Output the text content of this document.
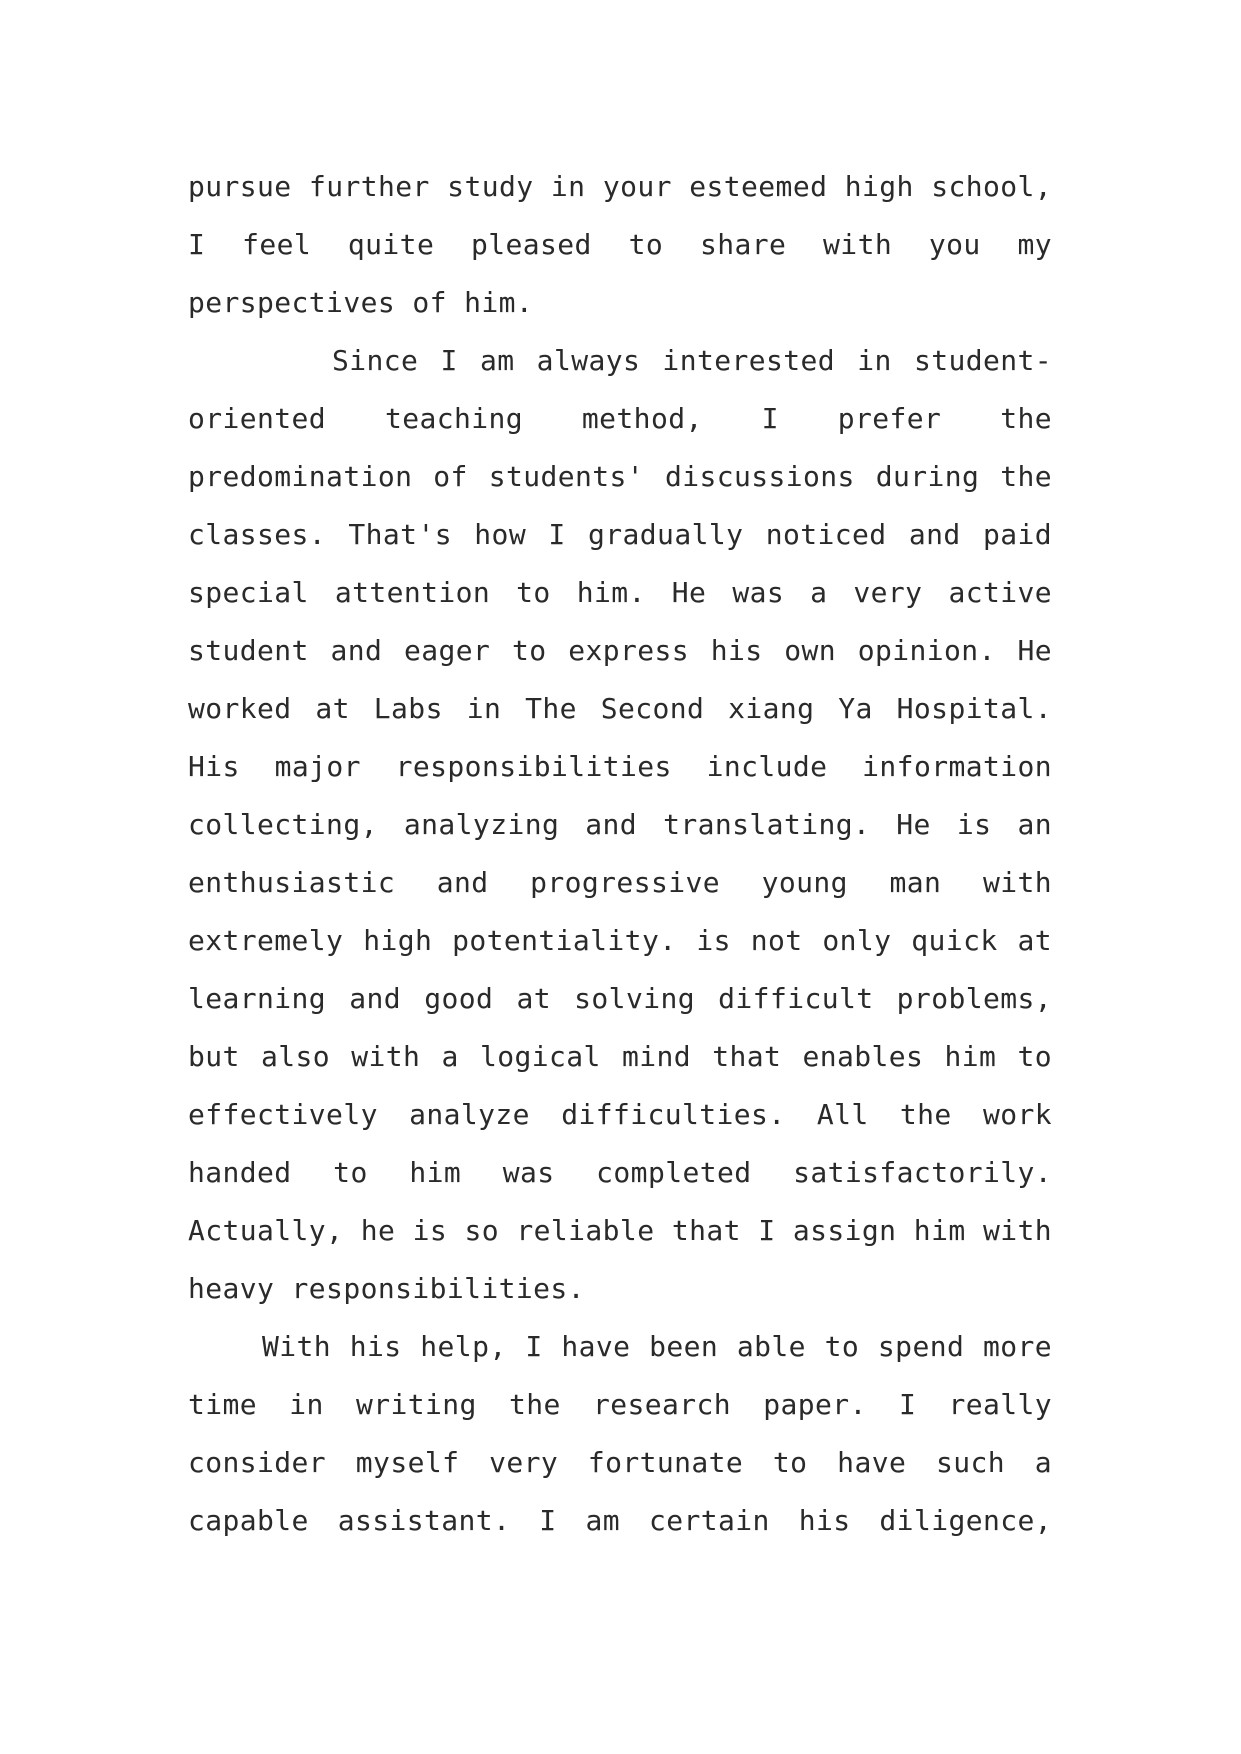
pursue further study in your esteemed high school, I feel quite pleased to share with you my perspectives of him.

Since I am always interested in student-oriented teaching method, I prefer the predomination of students' discussions during the classes. That's how I gradually noticed and paid special attention to him. He was a very active student and eager to express his own opinion. He worked at Labs in The Second xiang Ya Hospital. His major responsibilities include information collecting, analyzing and translating. He is an enthusiastic and progressive young man with extremely high potentiality. is not only quick at learning and good at solving difficult problems, but also with a logical mind that enables him to effectively analyze difficulties. All the work handed to him was completed satisfactorily. Actually, he is so reliable that I assign him with heavy responsibilities.

With his help, I have been able to spend more time in writing the research paper. I really consider myself very fortunate to have such a capable assistant. I am certain his diligence,
